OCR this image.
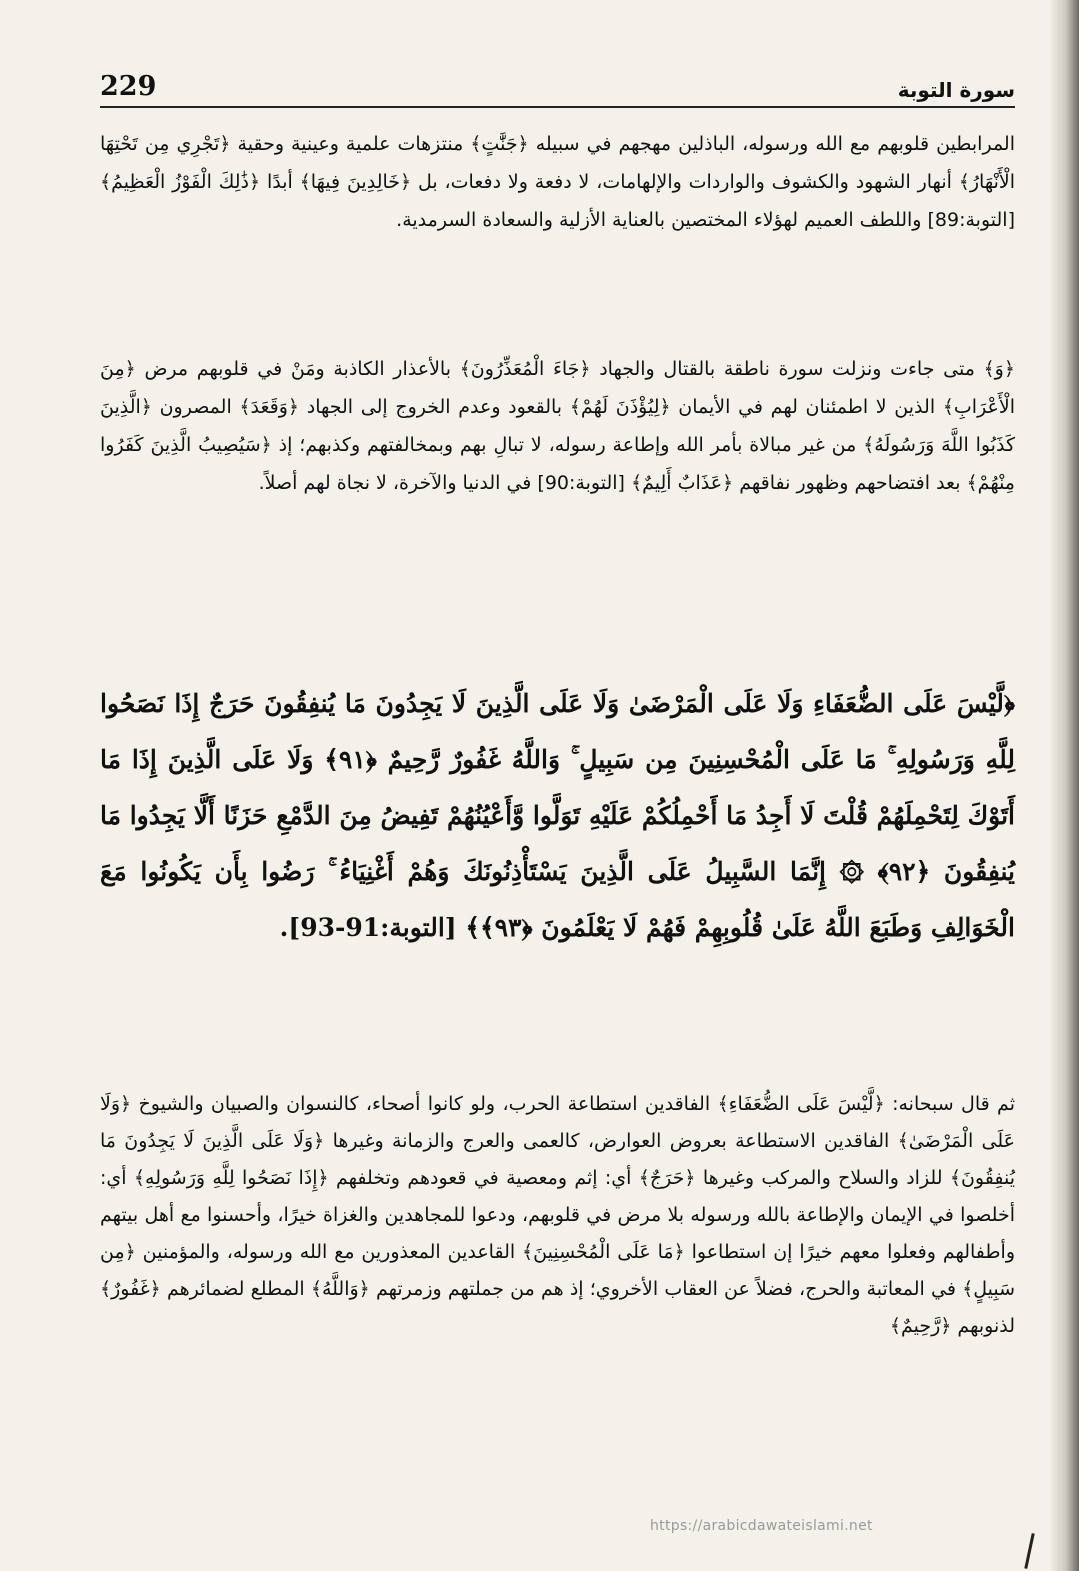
229	سورة التوبة
المرابطين قلوبهم مع الله ورسوله، الباذلين مهجهم في سبيله ﴿جَنَّٰتٍ﴾ منتزهات علمية وعينية وحقية ﴿تَجْرِي مِن تَحْتِهَا الْأَنْهَارُ﴾ أنهار الشهود والكشوف والواردات والإلهامات، لا دفعة ولا دفعات، بل ﴿خَالِدِينَ فِيهَا﴾ أبدًا ﴿ذَٰلِكَ الْفَوْزُ الْعَظِيمُ﴾ [التوبة:89] واللطف العميم لهؤلاء المختصين بالعناية الأزلية والسعادة السرمدية.
﴿وَ﴾ متى جاءت ونزلت سورة ناطقة بالقتال والجهاد ﴿جَاءَ الْمُعَذِّرُونَ﴾ بالأعذار الكاذبة ومَنْ في قلوبهم مرض ﴿مِنَ الْأَعْرَابِ﴾ الذين لا اطمئنان لهم في الأيمان ﴿لِيُؤْذَنَ لَهُمْ﴾ بالقعود وعدم الخروج إلى الجهاد ﴿وَقَعَدَ﴾ المصرون ﴿الَّذِينَ كَذَبُوا اللَّهَ وَرَسُولَهُ﴾ من غير مبالاة بأمر الله وإطاعة رسوله، لا تبالِ بهم وبمخالفتهم وكذبهم؛ إذ ﴿سَيُصِيبُ الَّذِينَ كَفَرُوا مِنْهُمْ﴾ بعد افتضاحهم وظهور نفاقهم ﴿عَذَابٌ أَلِيمٌ﴾ [التوبة:90] في الدنيا والآخرة، لا نجاة لهم أصلاً.
﴿لَّيْسَ عَلَى الضُّعَفَاءِ وَلَا عَلَى الْمَرْضَىٰ وَلَا عَلَى الَّذِينَ لَا يَجِدُونَ مَا يُنفِقُونَ حَرَجٌ إِذَا نَصَحُوا لِلَّهِ وَرَسُولِهِ ۚ مَا عَلَى الْمُحْسِنِينَ مِن سَبِيلٍ ۚ وَاللَّهُ غَفُورٌ رَّحِيمٌ ﴿٩١﴾ وَلَا عَلَى الَّذِينَ إِذَا مَا أَتَوْكَ لِتَحْمِلَهُمْ قُلْتَ لَا أَجِدُ مَا أَحْمِلُكُمْ عَلَيْهِ تَوَلَّوا وَّأَعْيُنُهُمْ تَفِيضُ مِنَ الدَّمْعِ حَزَنًا أَلَّا يَجِدُوا مَا يُنفِقُونَ ﴿٩٢﴾ ۞ إِنَّمَا السَّبِيلُ عَلَى الَّذِينَ يَسْتَأْذِنُونَكَ وَهُمْ أَغْنِيَاءُ ۚ رَضُوا بِأَن يَكُونُوا مَعَ الْخَوَالِفِ وَطَبَعَ اللَّهُ عَلَىٰ قُلُوبِهِمْ فَهُمْ لَا يَعْلَمُونَ ﴿٩٣﴾﴾ [التوبة:91-93].
ثم قال سبحانه: ﴿لَّيْسَ عَلَى الضُّعَفَاءِ﴾ الفاقدين استطاعة الحرب، ولو كانوا أصحاء، كالنسوان والصبيان والشيوخ ﴿وَلَا عَلَى الْمَرْضَىٰ﴾ الفاقدين الاستطاعة بعروض العوارض، كالعمى والعرج والزمانة وغيرها ﴿وَلَا عَلَى الَّذِينَ لَا يَجِدُونَ مَا يُنفِقُونَ﴾ للزاد والسلاح والمركب وغيرها ﴿حَرَجٌ﴾ أي: إثم ومعصية في قعودهم وتخلفهم ﴿إِذَا نَصَحُوا لِلَّهِ وَرَسُولِهِ﴾ أي: أخلصوا في الإيمان والإطاعة بالله ورسوله بلا مرض في قلوبهم، ودعوا للمجاهدين والغزاة خيرًا، وأحسنوا مع أهل بيتهم وأطفالهم وفعلوا معهم خيرًا إن استطاعوا ﴿مَا عَلَى الْمُحْسِنِينَ﴾ القاعدين المعذورين مع الله ورسوله، والمؤمنين ﴿مِن سَبِيلٍ﴾ في المعاتبة والحرج، فضلاً عن العقاب الأخروي؛ إذ هم من جملتهم وزمرتهم ﴿وَاللَّهُ﴾ المطلع لضمائرهم ﴿غَفُورٌ﴾ لذنوبهم ﴿رَّحِيمٌ﴾
https://arabicdawateislami.net
